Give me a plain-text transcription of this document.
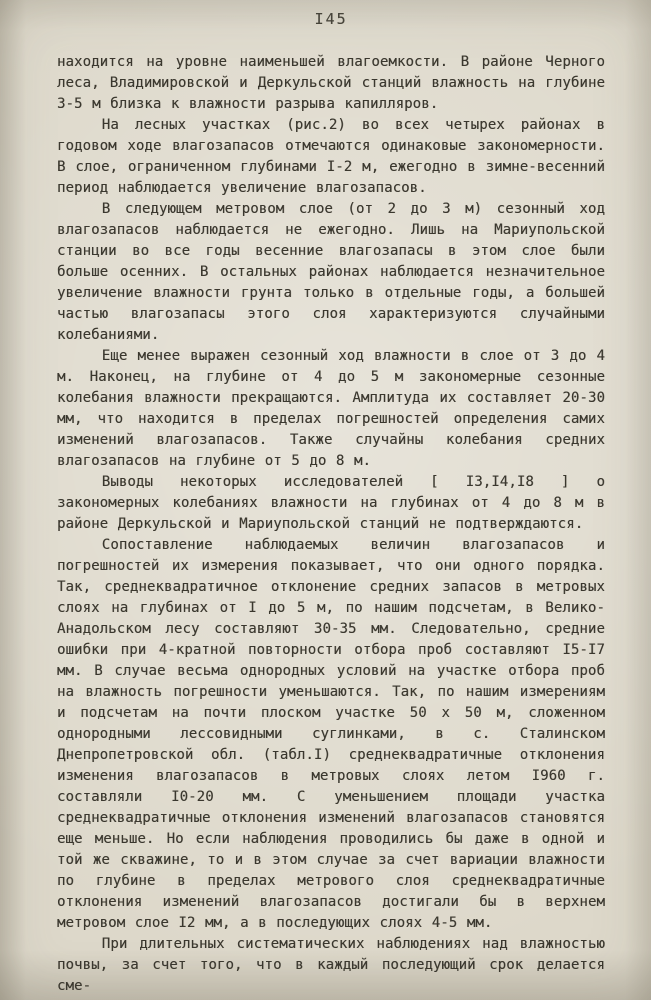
I45

находится на уровне наименьшей влагоемкости. В районе Черного леса, Владимировской и Деркульской станций влажность на глубине 3-5 м близка к влажности разрыва капилляров.

На лесных участках (рис.2) во всех четырех районах в годовом ходе влагозапасов отмечаются одинаковые закономерности. В слое, ограниченном глубинами I-2 м, ежегодно в зимне-весенний период наблюдается увеличение влагозапасов.

В следующем метровом слое (от 2 до 3 м) сезонный ход влагозапасов наблюдается не ежегодно. Лишь на Мариупольской станции во все годы весенние влагозапасы в этом слое были больше осенних. В остальных районах наблюдается незначительное увеличение влажности грунта только в отдельные годы, а большей частью влагозапасы этого слоя характеризуются случайными колебаниями.

Еще менее выражен сезонный ход влажности в слое от 3 до 4 м. Наконец, на глубине от 4 до 5 м закономерные сезонные колебания влажности прекращаются. Амплитуда их составляет 20-30 мм, что находится в пределах погрешностей определения самих изменений влагозапасов. Также случайны колебания средних влагозапасов на глубине от 5 до 8 м.

Выводы некоторых исследователей [ I3,I4,I8 ] о закономерных колебаниях влажности на глубинах от 4 до 8 м в районе Деркульской и Мариупольской станций не подтверждаются.

Сопоставление наблюдаемых величин влагозапасов и погрешностей их измерения показывает, что они одного порядка. Так, среднеквадратичное отклонение средних запасов в метровых слоях на глубинах от I до 5 м, по нашим подсчетам, в Велико-Анадольском лесу составляют 30-35 мм. Следовательно, средние ошибки при 4-кратной повторности отбора проб составляют I5-I7 мм. В случае весьма однородных условий на участке отбора проб на влажность погрешности уменьшаются. Так, по нашим измерениям и подсчетам на почти плоском участке 50 х 50 м, сложенном однородными лессовидными суглинками, в с. Сталинском Днепропетровской обл. (табл.I) среднеквадратичные отклонения изменения влагозапасов в метровых слоях летом I960 г. составляли I0-20 мм. С уменьшением площади участка среднеквадратичные отклонения изменений влагозапасов становятся еще меньше. Но если наблюдения проводились бы даже в одной и той же скважине, то и в этом случае за счет вариации влажности по глубине в пределах метрового слоя среднеквадратичные отклонения изменений влагозапасов достигали бы в верхнем метровом слое I2 мм, а в последующих слоях 4-5 мм.

При длительных систематических наблюдениях над влажностью почвы, за счет того, что в каждый последующий срок делается сме-
